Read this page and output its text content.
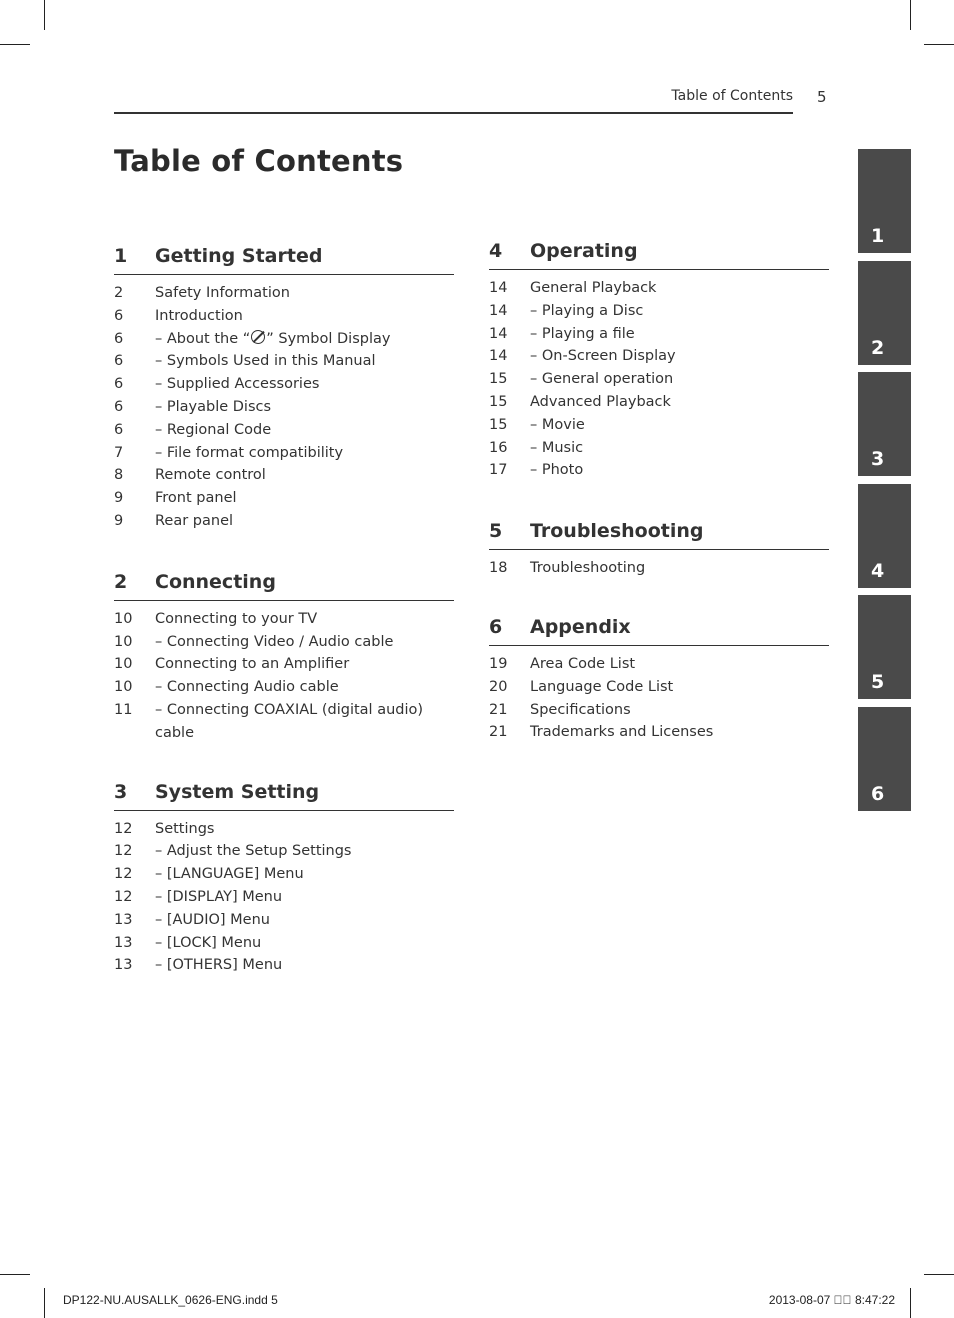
Table of Contents 5
Table of Contents
1 Getting Started
2 Safety Information
6 Introduction
6 – About the “ ” Symbol Display
6 – Symbols Used in this Manual
6 – Supplied Accessories
6 – Playable Discs
6 – Regional Code
7 – File format compatibility
8 Remote control
9 Front panel
9 Rear panel
2 Connecting
10 Connecting to your TV
10 – Connecting Video / Audio cable
10 Connecting to an Amplifier
10 – Connecting Audio cable
11 – Connecting COAXIAL (digital audio) cable
3 System Setting
12 Settings
12 – Adjust the Setup Settings
12 – [LANGUAGE] Menu
12 – [DISPLAY] Menu
13 – [AUDIO] Menu
13 – [LOCK] Menu
13 – [OTHERS] Menu
4 Operating
14 General Playback
14 – Playing a Disc
14 – Playing a file
14 – On-Screen Display
15 – General operation
15 Advanced Playback
15 – Movie
16 – Music
17 – Photo
5 Troubleshooting
18 Troubleshooting
6 Appendix
19 Area Code List
20 Language Code List
21 Specifications
21 Trademarks and Licenses
1
2
3
4
5
6
DP122-NU.AUSALLK_0626-ENG.indd 5	2013-08-07    8:47:22
